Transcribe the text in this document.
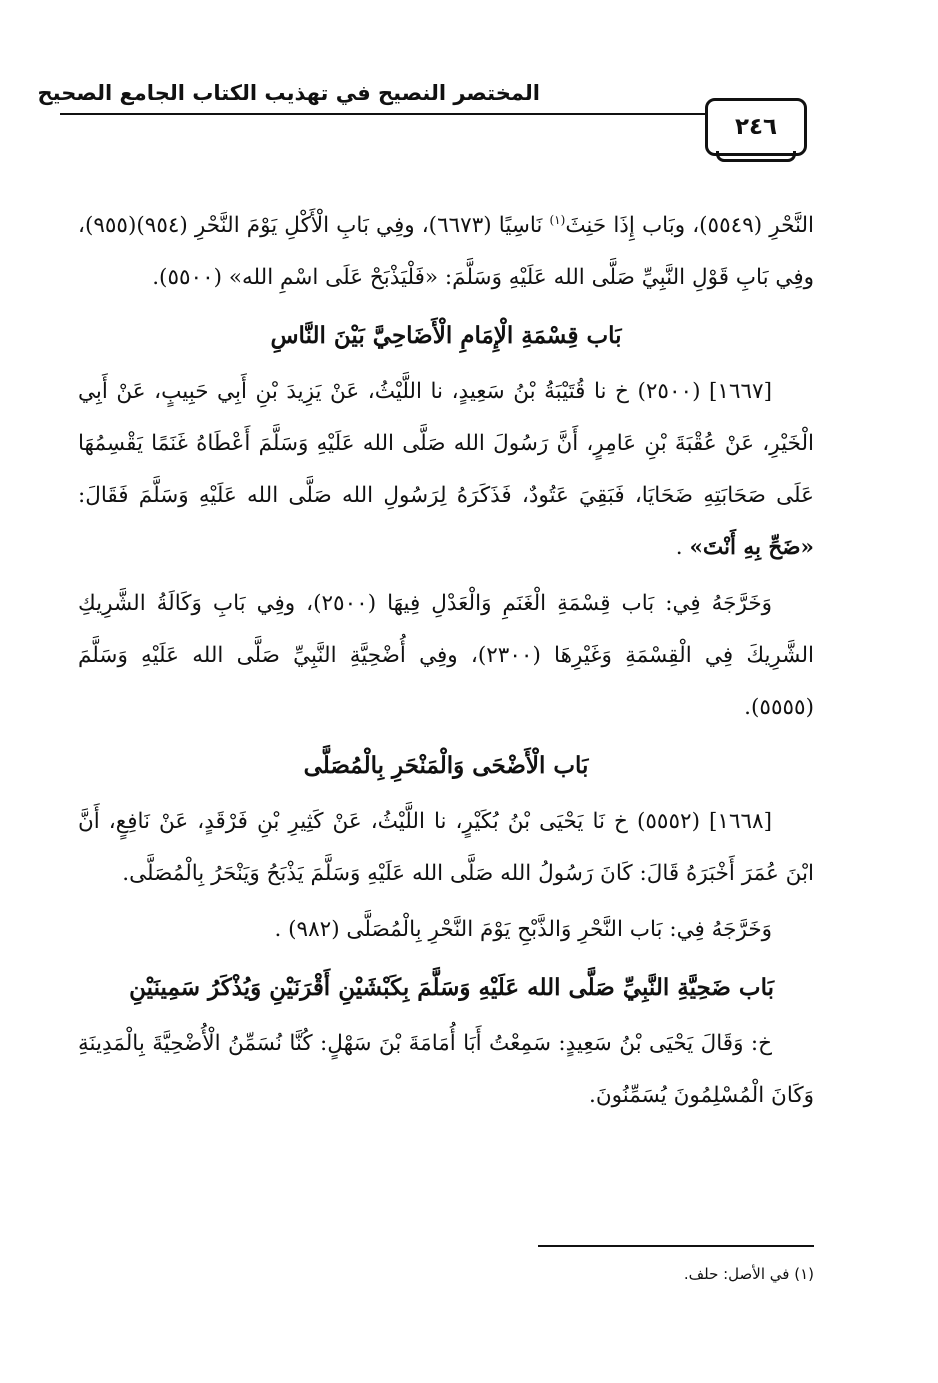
المختصر النصيح في تهذيب الكتاب الجامع الصحيح
٢٤٦

النَّحْرِ (٥٥٤٩)، وبَاب إِذَا حَنِثَ$^{(١)}$ نَاسِيًا (٦٦٧٣)، وفِي بَابِ الْأَكْلِ يَوْمَ النَّحْرِ (٩٥٤)(٩٥٥)، وفِي بَابِ قَوْلِ النَّبِيِّ صَلَّى الله عَلَيْهِ وَسَلَّمَ: «فَلْيَذْبَحْ عَلَى اسْمِ الله» (٥٥٠٠).

بَاب قِسْمَةِ الْإِمَامِ الْأَضَاحِيَّ بَيْنَ النَّاسِ

[١٦٦٧] (٢٥٠٠) خ نا قُتَيْبَةُ بْنُ سَعِيدٍ، نا اللَّيْثُ، عَنْ يَزِيدَ بْنِ أَبِي حَبِيبٍ، عَنْ أَبِي الْخَيْرِ، عَنْ عُقْبَةَ بْنِ عَامِرٍ، أَنَّ رَسُولَ الله صَلَّى الله عَلَيْهِ وَسَلَّمَ أَعْطَاهُ غَنَمًا يَقْسِمُهَا عَلَى صَحَابَتِهِ ضَحَايَا، فَبَقِيَ عَتُودٌ، فَذَكَرَهُ لِرَسُولِ الله صَلَّى الله عَلَيْهِ وَسَلَّمَ فَقَالَ: «ضَحِّ بِهِ أَنْتَ» .

وَخَرَّجَهُ فِي: بَاب قِسْمَةِ الْغَنَمِ وَالْعَدْلِ فِيهَا (٢٥٠٠)، وفِي بَابِ وَكَالَةُ الشَّرِيكِ الشَّرِيكَ فِي الْقِسْمَةِ وَغَيْرِهَا (٢٣٠٠)، وفِي أُضْحِيَّةِ النَّبِيِّ صَلَّى الله عَلَيْهِ وَسَلَّمَ (٥٥٥٥).

بَاب الْأَضْحَى وَالْمَنْحَرِ بِالْمُصَلَّى

[١٦٦٨] (٥٥٥٢) خ نَا يَحْيَى بْنُ بُكَيْرٍ، نا اللَّيْثُ، عَنْ كَثِيرِ بْنِ فَرْقَدٍ، عَنْ نَافِعٍ، أَنَّ ابْنَ عُمَرَ أَخْبَرَهُ قَالَ: كَانَ رَسُولُ الله صَلَّى الله عَلَيْهِ وَسَلَّمَ يَذْبَحُ وَيَنْحَرُ بِالْمُصَلَّى.

وَخَرَّجَهُ فِي: بَاب النَّحْرِ وَالذَّبْحِ يَوْمَ النَّحْرِ بِالْمُصَلَّى (٩٨٢) .

بَاب ضَحِيَّةِ النَّبِيِّ صَلَّى الله عَلَيْهِ وَسَلَّمَ بِكَبْشَيْنِ أَقْرَنَيْنِ وَيُذْكَرُ سَمِينَيْنِ

خ: وَقَالَ يَحْيَى بْنُ سَعِيدٍ: سَمِعْتُ أَبَا أُمَامَةَ بْنَ سَهْلٍ: كُنَّا نُسَمِّنُ الْأُضْحِيَّةَ بِالْمَدِينَةِ وَكَانَ الْمُسْلِمُونَ يُسَمِّنُونَ.

(١) في الأصل: حلف.
